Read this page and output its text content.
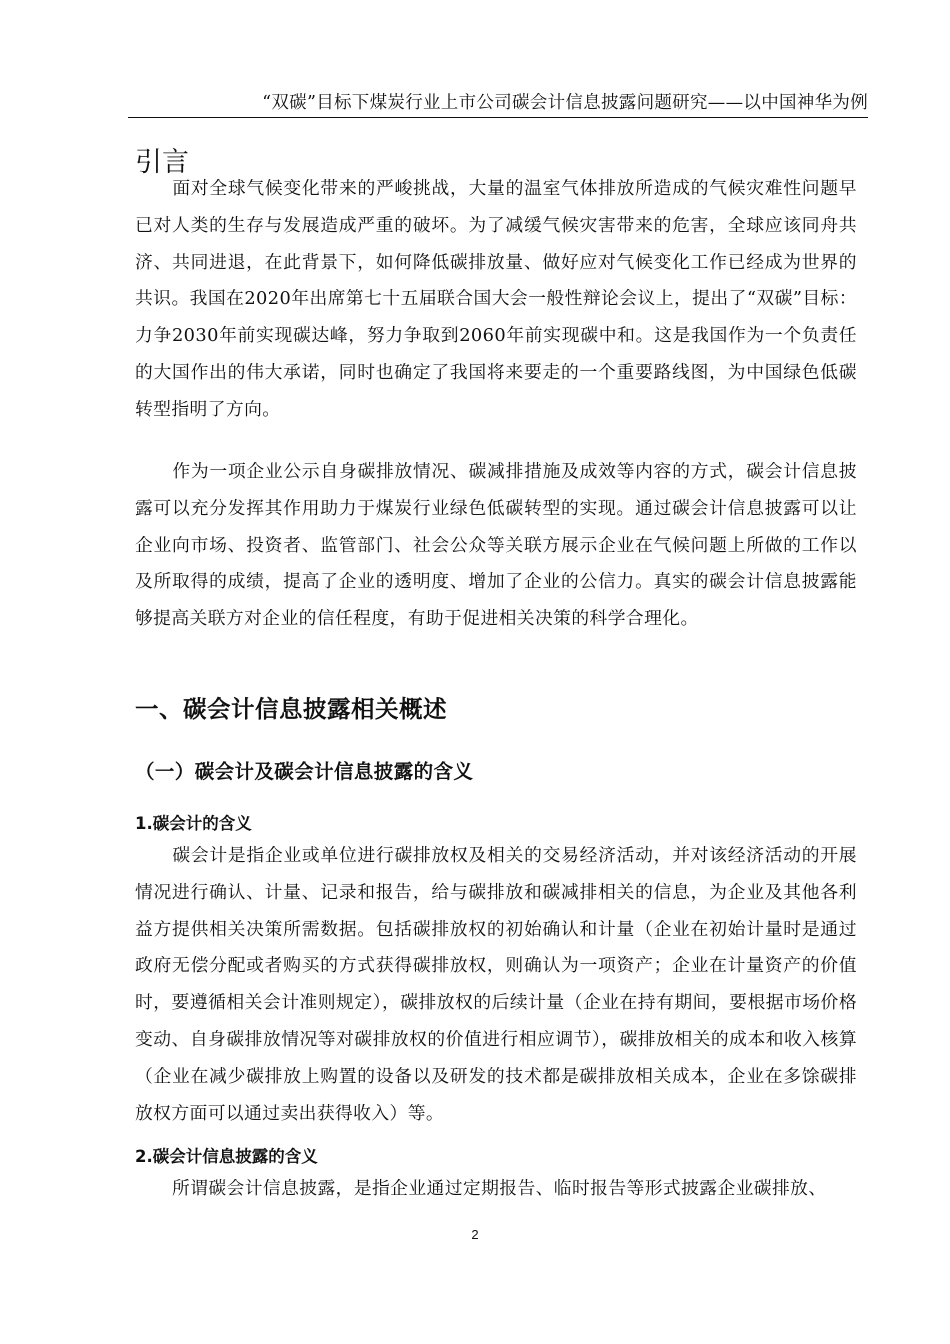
“双碳”目标下煤炭行业上市公司碳会计信息披露问题研究——以中国神华为例
引言
面对全球气候变化带来的严峻挑战，大量的温室气体排放所造成的气候灾难性问题早已对人类的生存与发展造成严重的破坏。为了减缓气候灾害带来的危害，全球应该同舟共济、共同进退，在此背景下，如何降低碳排放量、做好应对气候变化工作已经成为世界的共识。我国在2020年出席第七十五届联合国大会一般性辩论会议上，提出了“双碳”目标：力争2030年前实现碳达峰，努力争取到2060年前实现碳中和。这是我国作为一个负责任的大国作出的伟大承诺，同时也确定了我国将来要走的一个重要路线图，为中国绿色低碳转型指明了方向。
作为一项企业公示自身碳排放情况、碳减排措施及成效等内容的方式，碳会计信息披露可以充分发挥其作用助力于煤炭行业绿色低碳转型的实现。通过碳会计信息披露可以让企业向市场、投资者、监管部门、社会公众等关联方展示企业在气候问题上所做的工作以及所取得的成绩，提高了企业的透明度、增加了企业的公信力。真实的碳会计信息披露能够提高关联方对企业的信任程度，有助于促进相关决策的科学合理化。
一、碳会计信息披露相关概述
（一）碳会计及碳会计信息披露的含义
1.碳会计的含义
碳会计是指企业或单位进行碳排放权及相关的交易经济活动，并对该经济活动的开展情况进行确认、计量、记录和报告，给与碳排放和碳减排相关的信息，为企业及其他各利益方提供相关决策所需数据。包括碳排放权的初始确认和计量（企业在初始计量时是通过政府无偿分配或者购买的方式获得碳排放权，则确认为一项资产；企业在计量资产的价值时，要遵循相关会计准则规定），碳排放权的后续计量（企业在持有期间，要根据市场价格变动、自身碳排放情况等对碳排放权的价值进行相应调节），碳排放相关的成本和收入核算（企业在减少碳排放上购置的设备以及研发的技术都是碳排放相关成本，企业在多馀碳排放权方面可以通过卖出获得收入）等。
2.碳会计信息披露的含义
所谓碳会计信息披露，是指企业通过定期报告、临时报告等形式披露企业碳排放、
2
